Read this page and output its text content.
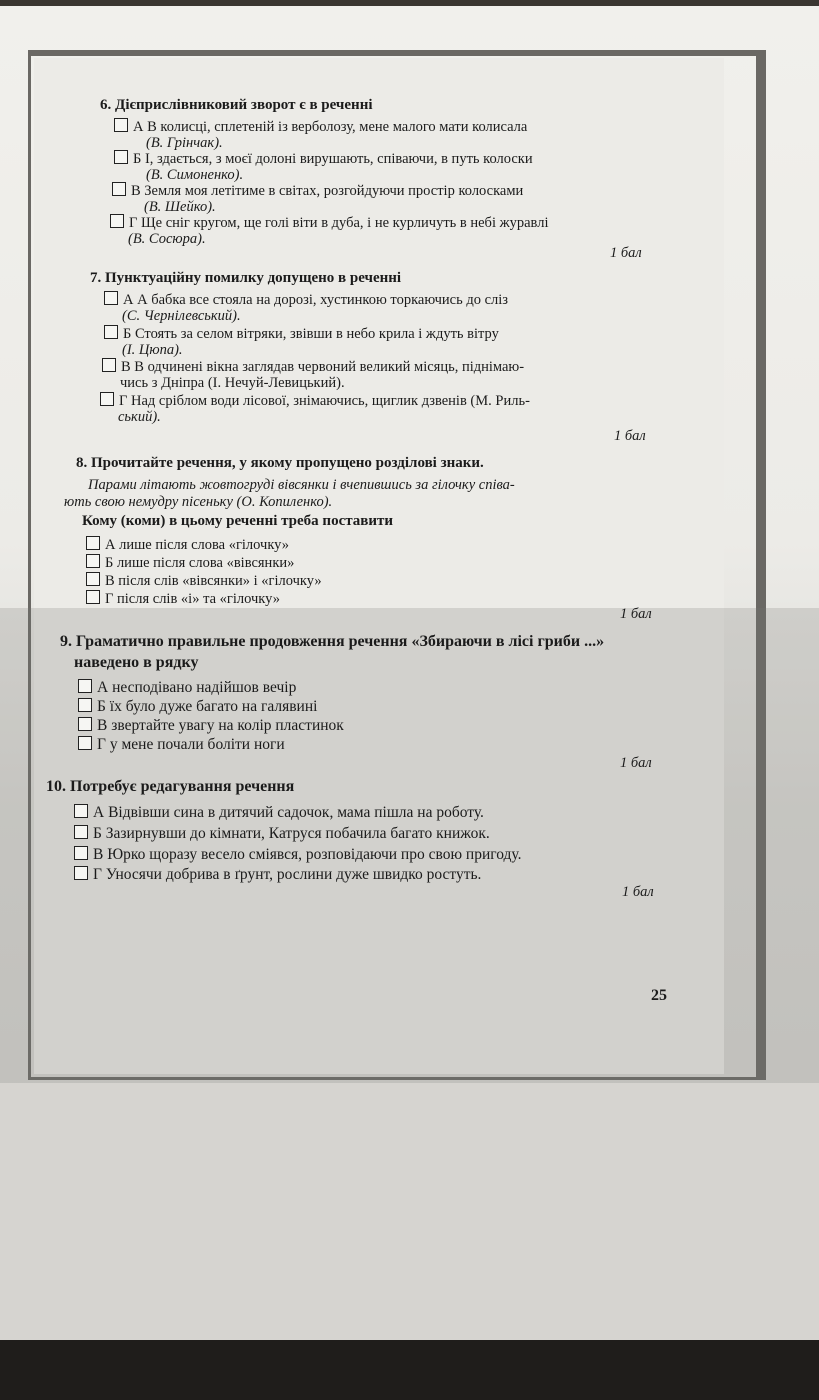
6. Дієприслівниковий зворот є в реченні
А В колисці, сплетеній із верболозу, мене малого мати колисала
(В. Грінчак).
Б І, здається, з моєї долоні вирушають, співаючи, в путь колоски
(В. Симоненко).
В Земля моя летітиме в світах, розгойдуючи простір колосками
(В. Шейко).
Г Ще сніг кругом, ще голі віти в дуба, і не курличуть в небі журавлі
(В. Сосюра).
1 бал
7. Пунктуаційну помилку допущено в реченні
А А бабка все стояла на дорозі, хустинкою торкаючись до сліз
(С. Чернілевський).
Б Стоять за селом вітряки, звівши в небо крила і ждуть вітру
(І. Цюпа).
В В одчинені вікна заглядав червоний великий місяць, піднімаю-
чись з Дніпра (І. Нечуй-Левицький).
Г Над сріблом води лісової, знімаючись, щиглик дзвенів (М. Риль-
ський).
1 бал
8. Прочитайте речення, у якому пропущено розділові знаки.
Парами літають жовтогруді вівсянки і вчепившись за гілочку співа-
ють свою немудру пісеньку (О. Копиленко).
Кому (коми) в цьому реченні треба поставити
А лише після слова «гілочку»
Б лише після слова «вівсянки»
В після слів «вівсянки» і «гілочку»
Г після слів «і» та «гілочку»
1 бал
9. Граматично правильне продовження речення «Збираючи в лісі гриби ...»
наведено в рядку
А несподівано надійшов вечір
Б їх було дуже багато на галявині
В звертайте увагу на колір пластинок
Г у мене почали боліти ноги
1 бал
10. Потребує редагування речення
А Відвівши сина в дитячий садочок, мама пішла на роботу.
Б Зазирнувши до кімнати, Катруся побачила багато книжок.
В Юрко щоразу весело сміявся, розповідаючи про свою пригоду.
Г Уносячи добрива в ґрунт, рослини дуже швидко ростуть.
1 бал
25
